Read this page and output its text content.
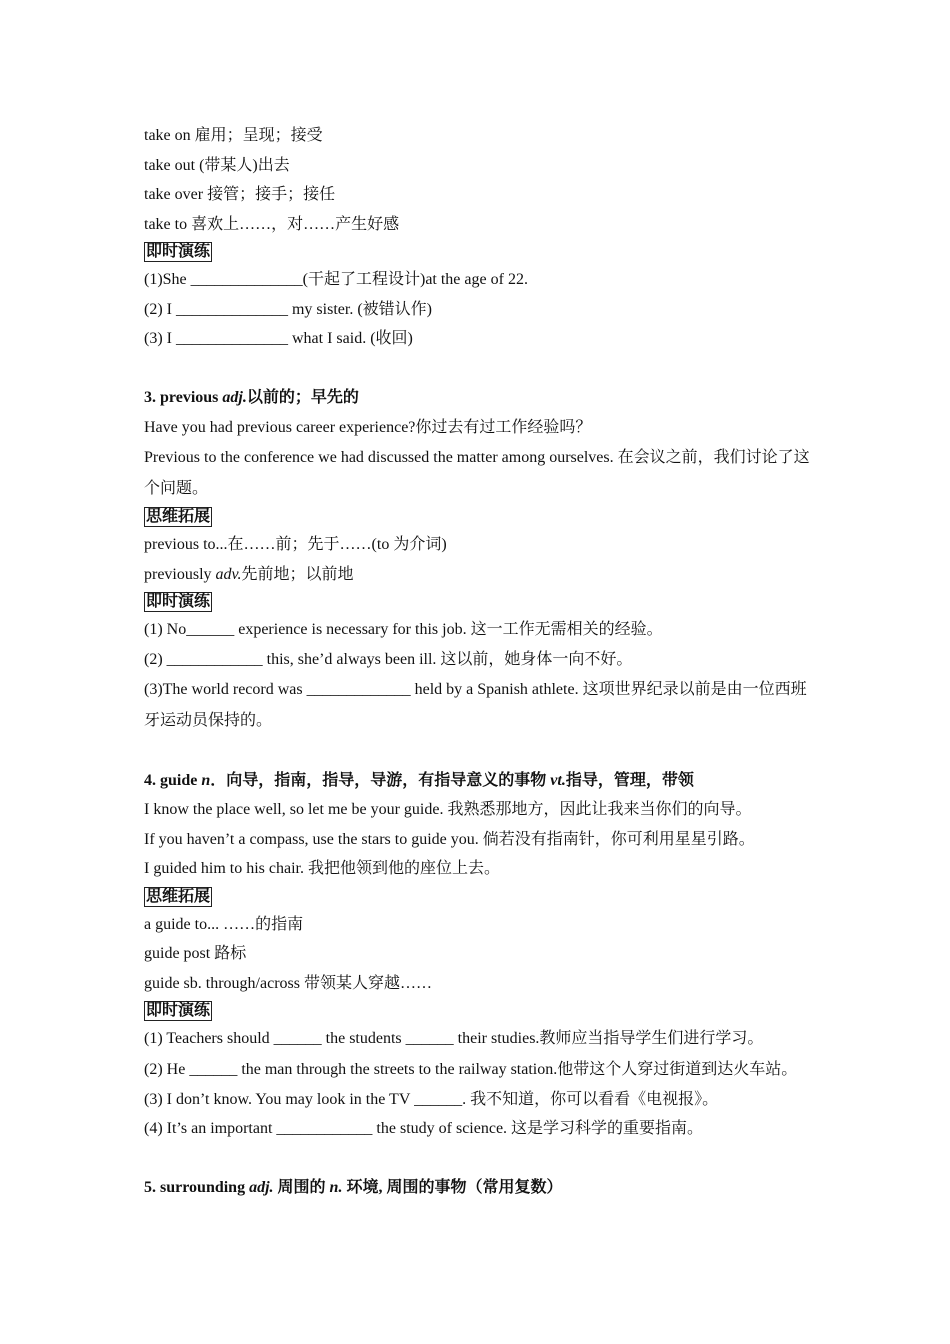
take on 雇用；呈现；接受
take out (带某人)出去
take over 接管；接手；接任
take to 喜欢上……，对……产生好感
即时演练
(1)She ______________(干起了工程设计)at the age of 22.
(2) I ______________ my sister. (被错认作)
(3) I ______________ what I said. (收回)
3. previous adj.以前的；早先的
Have you had previous career experience?你过去有过工作经验吗？
Previous to the conference we had discussed the matter among ourselves. 在会议之前，我们讨论了这个问题。
思维拓展
previous to...在……前；先于……(to 为介词)
previously adv.先前地；以前地
即时演练
(1) No______ experience is necessary for this job. 这一工作无需相关的经验。
(2) ____________ this, she’d always been ill. 这以前，她身体一向不好。
(3)The world record was _____________ held by a Spanish athlete. 这项世界纪录以前是由一位西班牙运动员保持的。
4. guide n．向导，指南，指导，导游，有指导意义的事物 vt.指导，管理，带领
I know the place well, so let me be your guide. 我熟悉那地方，因此让我来当你们的向导。
If you haven’t a compass, use the stars to guide you. 倘若没有指南针，你可利用星星引路。
I guided him to his chair. 我把他领到他的座位上去。
思维拓展
a guide to... ……的指南
guide post 路标
guide sb. through/across 带领某人穿越……
即时演练
(1) Teachers should ______ the students ______ their studies.教师应当指导学生们进行学习。
(2) He ______ the man through the streets to the railway station.他带这个人穿过街道到达火车站。
(3) I don’t know. You may look in the TV ______. 我不知道，你可以看看《电视报》。
(4) It’s an important ____________ the study of science. 这是学习科学的重要指南。
5. surrounding adj. 周围的 n. 环境, 周围的事物（常用复数）
